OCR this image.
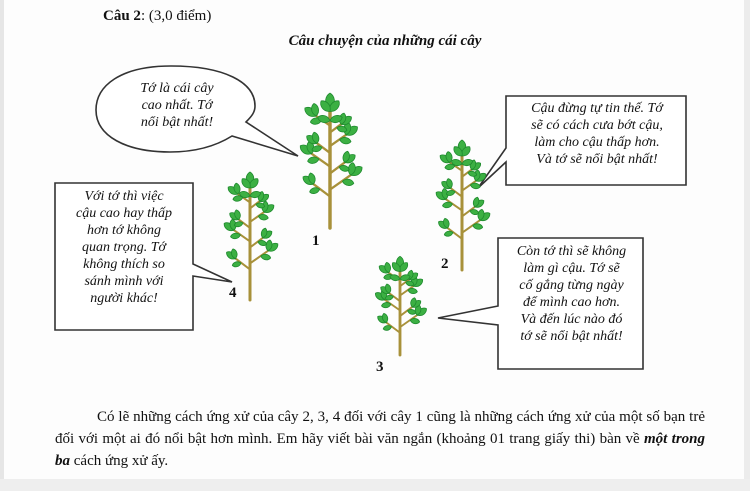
Câu 2: (3,0 điểm)
Câu chuyện của những cái cây
Tớ là cái cây
cao nhất. Tớ
nổi bật nhất!
Cậu đừng tự tin thế. Tớ
sẽ có cách cưa bớt cậu,
làm cho cậu thấp hơn.
Và tớ sẽ nổi bật nhất!
Còn tớ thì sẽ không
làm gì cậu. Tớ sẽ
cố gắng từng ngày
để mình cao hơn.
Và đến lúc nào đó
tớ sẽ nổi bật nhất!
Với tớ thì việc
cậu cao hay thấp
hơn tớ không
quan trọng. Tớ
không thích so
sánh mình với
người khác!
1
2
3
4
Có lẽ những cách ứng xử của cây 2, 3, 4 đối với cây 1 cũng là những cách ứng xử của một số bạn trẻ đối với một ai đó nổi bật hơn mình. Em hãy viết bài văn ngắn (khoảng 01 trang giấy thi) bàn về một trong ba cách ứng xử ấy.
